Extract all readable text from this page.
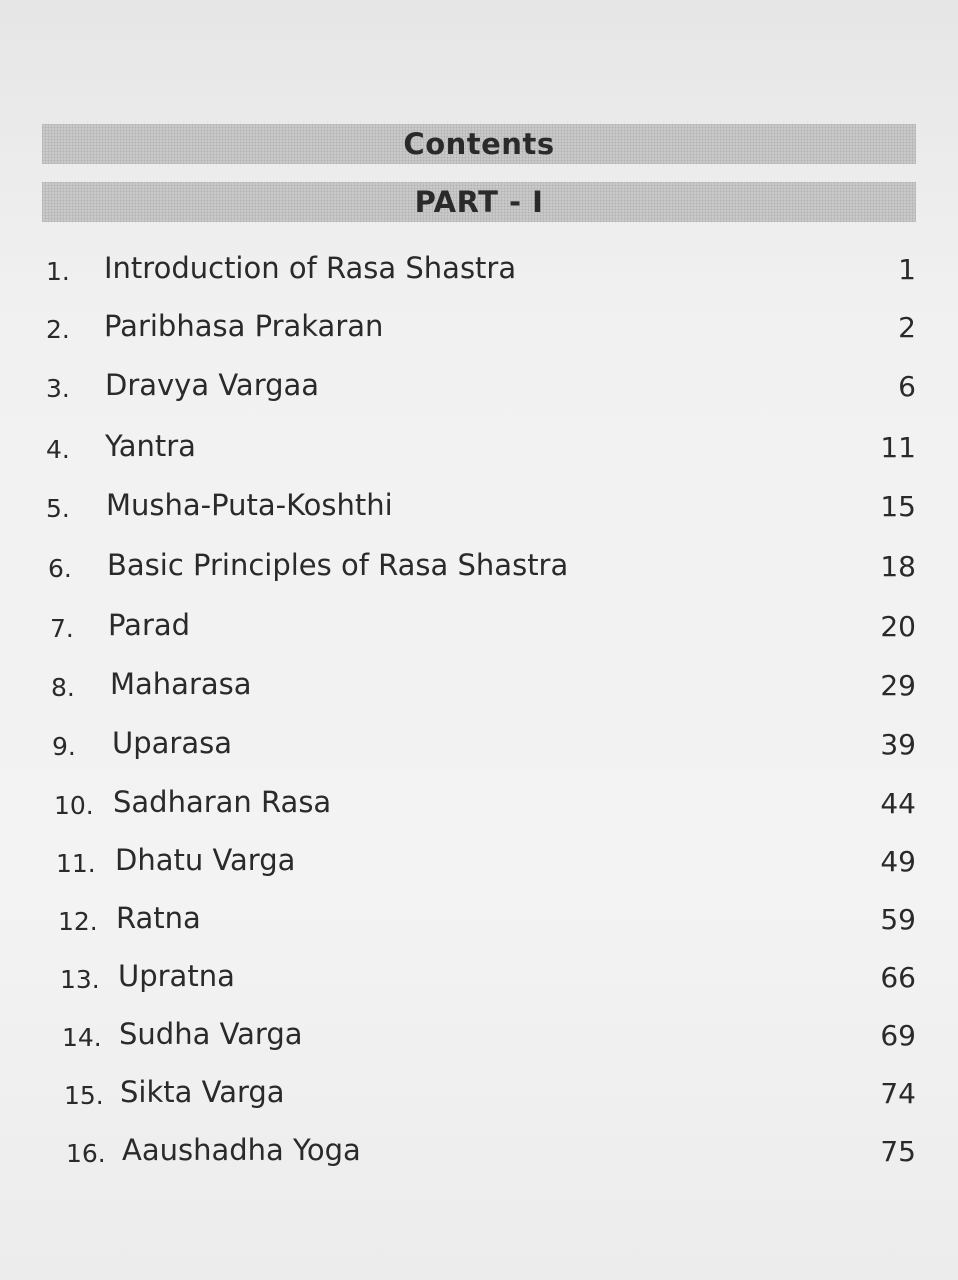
Contents
PART - I
1. Introduction of Rasa Shastra	1
2. Paribhasa Prakaran	2
3. Dravya Vargaa	6
4. Yantra	11
5. Musha-Puta-Koshthi	15
6. Basic Principles of Rasa Shastra	18
7. Parad	20
8. Maharasa	29
9. Uparasa	39
10. Sadharan Rasa	44
11. Dhatu Varga	49
12. Ratna	59
13. Upratna	66
14. Sudha Varga	69
15. Sikta Varga	74
16. Aaushadha Yoga	75
